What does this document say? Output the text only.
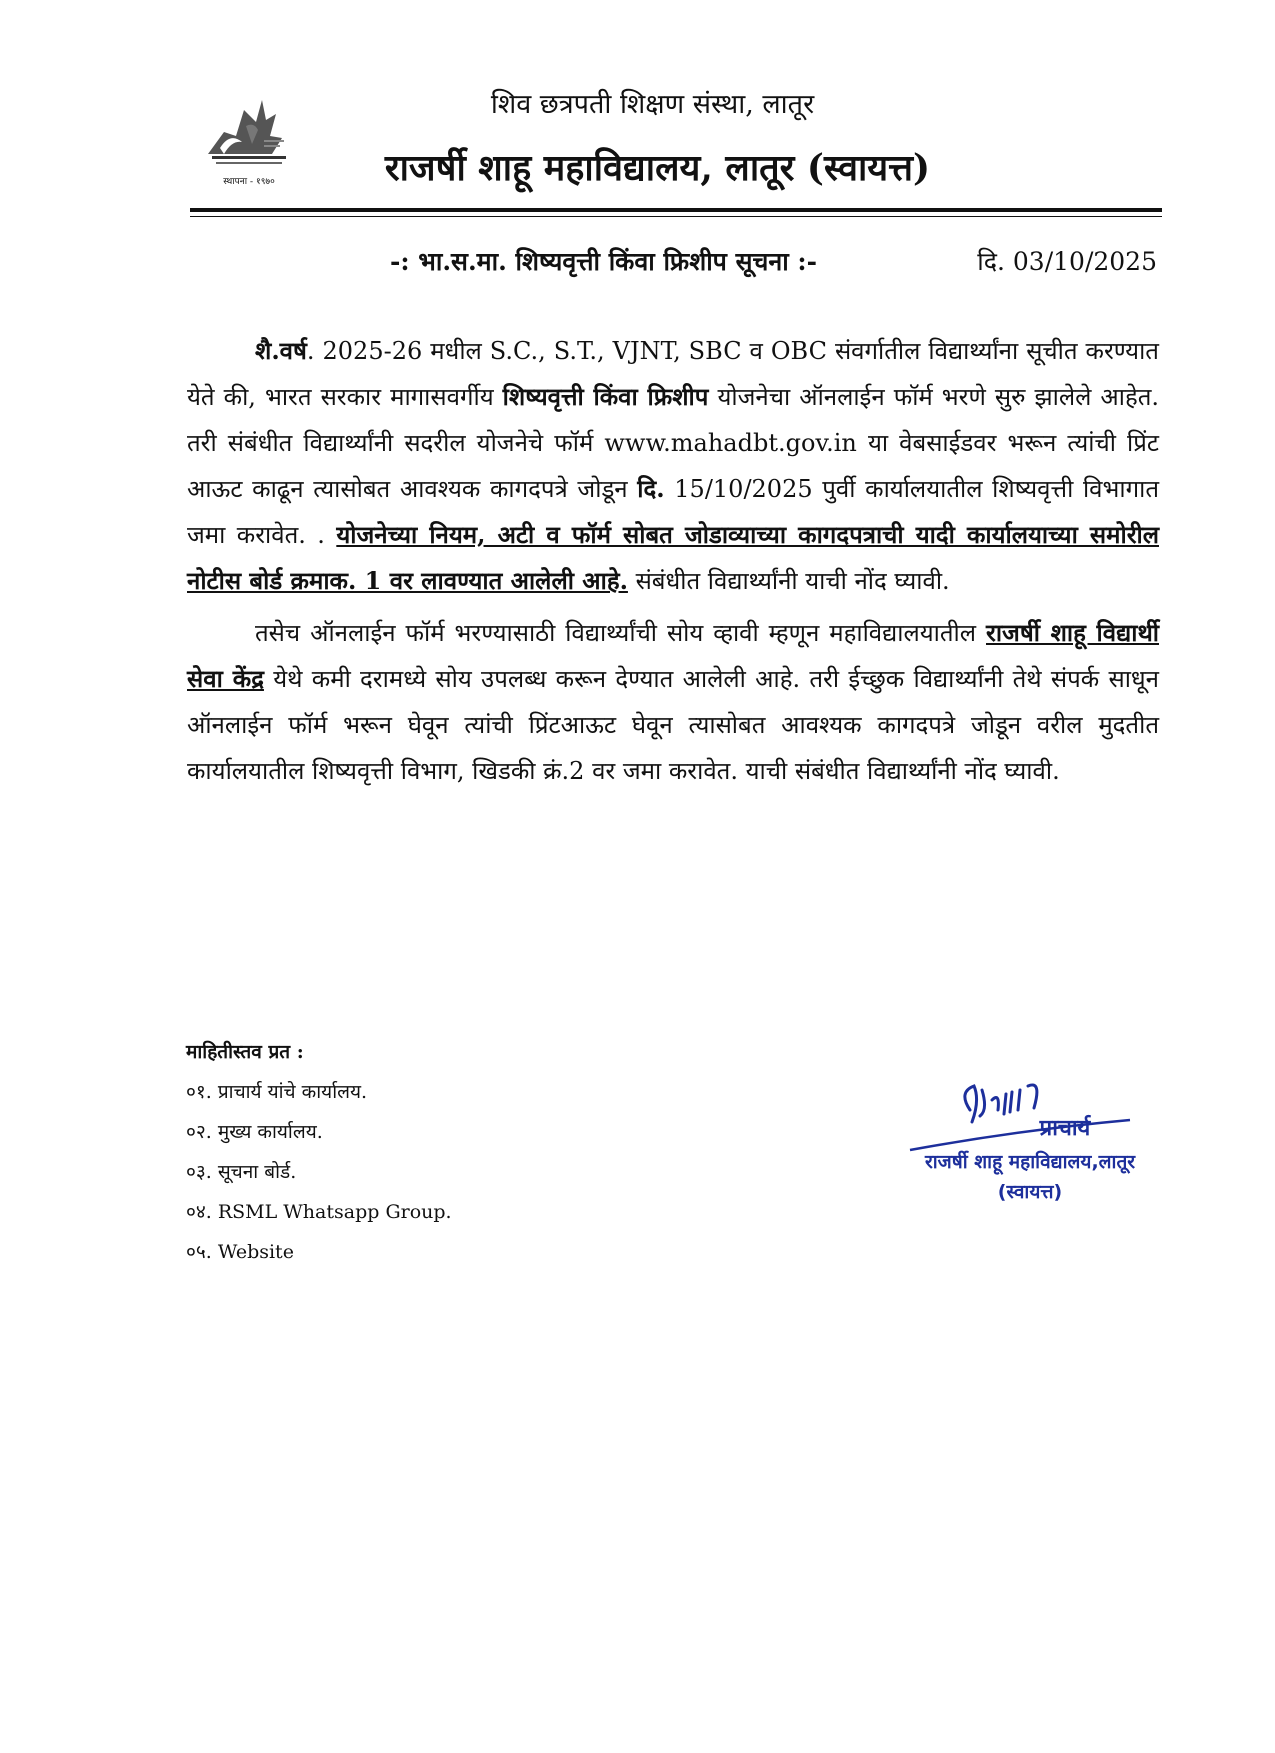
स्थापना - १९७०
शिव छत्रपती शिक्षण संस्था, लातूर
राजर्षी शाहू महाविद्यालय, लातूर (स्वायत्त)
-: भा.स.मा. शिष्यवृत्ती किंवा फ्रिशीप सूचना :-	दि. 03/10/2025

शै.वर्ष. 2025-26 मधील S.C., S.T., VJNT, SBC व OBC संवर्गातील विद्यार्थ्यांना सूचीत करण्यात येते की, भारत सरकार मागासवर्गीय शिष्यवृत्ती किंवा फ्रिशीप योजनेचा ऑनलाईन फॉर्म भरणे सुरु झालेले आहेत. तरी संबंधीत विद्यार्थ्यांनी सदरील योजनेचे फॉर्म www.mahadbt.gov.in या वेबसाईडवर भरून त्यांची प्रिंट आऊट काढून त्यासोबत आवश्यक कागदपत्रे जोडून दि. 15/10/2025 पुर्वी कार्यालयातील शिष्यवृत्ती विभागात जमा करावेत. . योजनेच्या नियम, अटी व फॉर्म सोबत जोडाव्याच्या कागदपत्राची यादी कार्यालयाच्या समोरील नोटीस बोर्ड क्रमाक. 1 वर लावण्यात आलेली आहे. संबंधीत विद्यार्थ्यांनी याची नोंद घ्यावी.

तसेच ऑनलाईन फॉर्म भरण्यासाठी विद्यार्थ्यांची सोय व्हावी म्हणून महाविद्यालयातील राजर्षी शाहू विद्यार्थी सेवा केंद्र येथे कमी दरामध्ये सोय उपलब्ध करून देण्यात आलेली आहे. तरी ईच्छुक विद्यार्थ्यांनी तेथे संपर्क साधून ऑनलाईन फॉर्म भरून घेवून त्यांची प्रिंटआऊट घेवून त्यासोबत आवश्यक कागदपत्रे जोडून वरील मुदतीत कार्यालयातील शिष्यवृत्ती विभाग, खिडकी क्रं.2 वर जमा करावेत. याची संबंधीत विद्यार्थ्यांनी नोंद घ्यावी.

माहितीस्तव प्रत :
०१. प्राचार्य यांचे कार्यालय.
०२. मुख्य कार्यालय.
०३. सूचना बोर्ड.
०४. RSML Whatsapp Group.
०५. Website
प्राचार्य
राजर्षी शाहू महाविद्यालय,लातूर
(स्वायत्त)
